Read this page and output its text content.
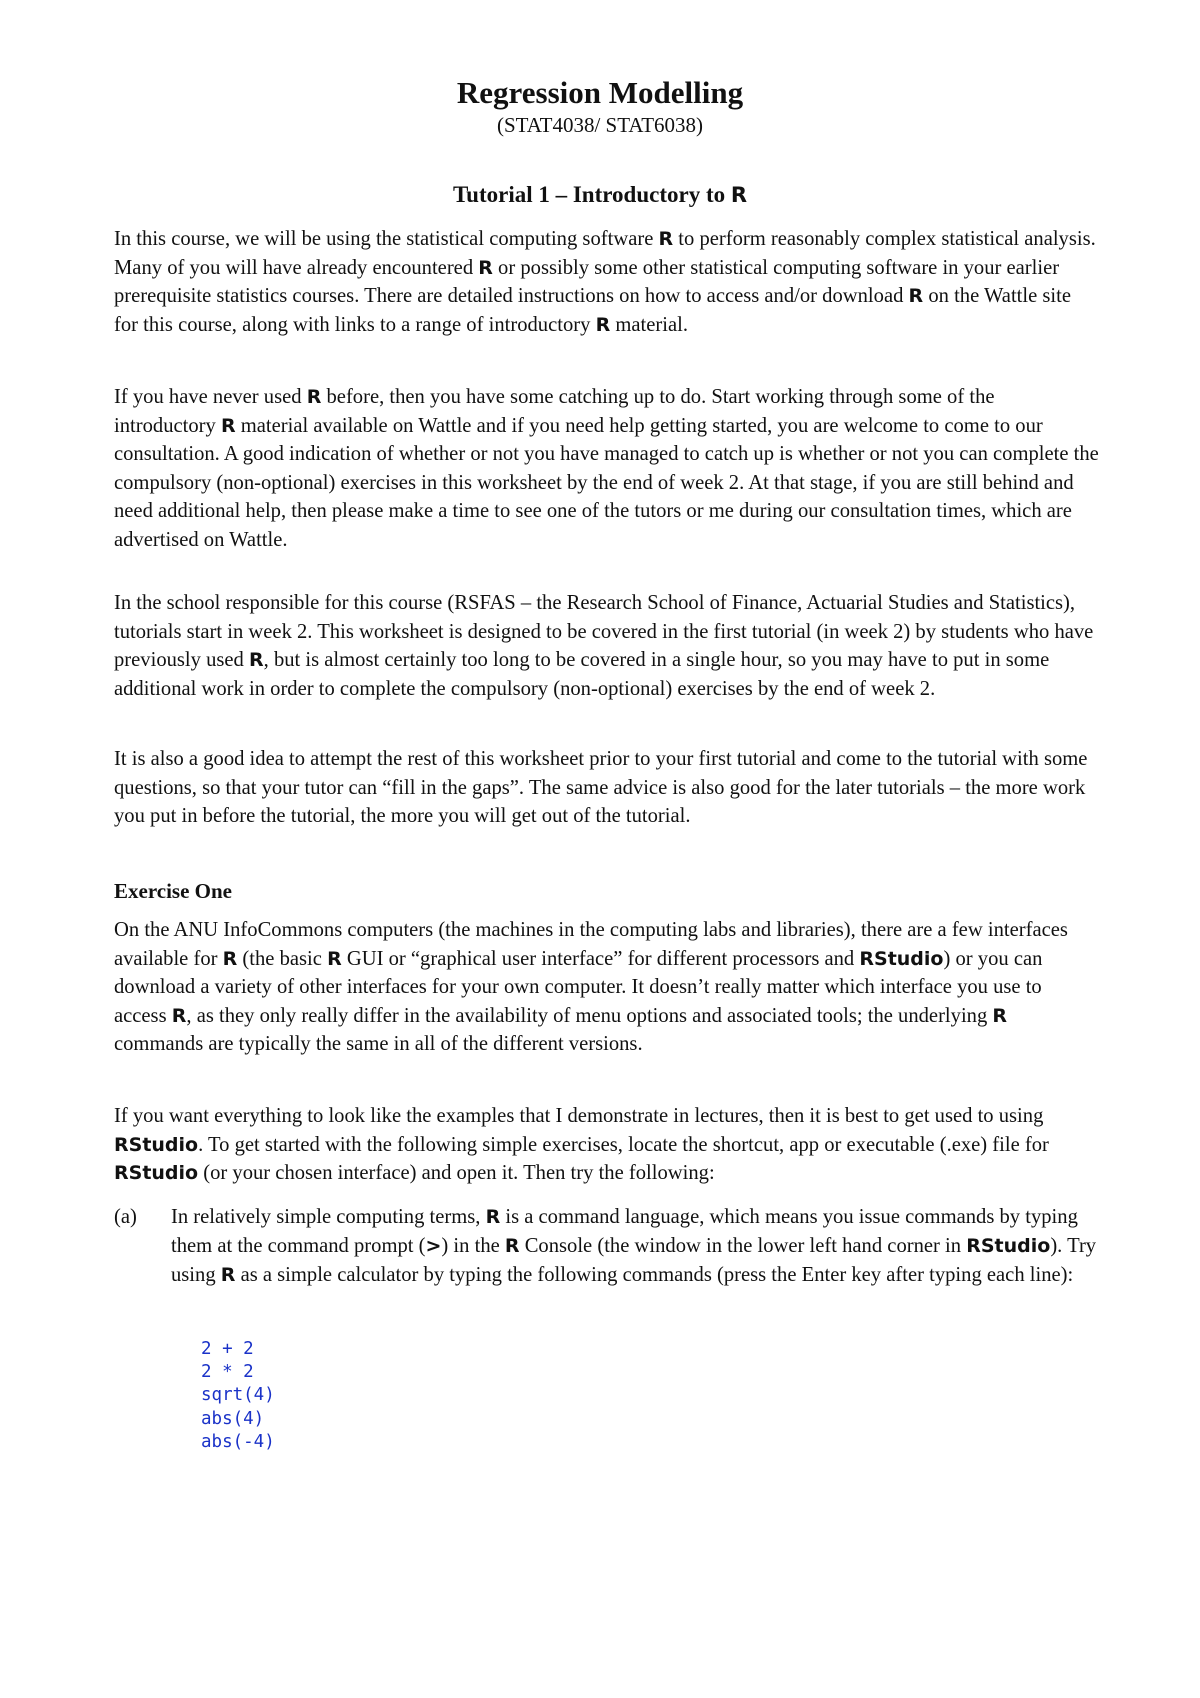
Regression Modelling
(STAT4038/ STAT6038)
Tutorial 1 – Introductory to R

In this course, we will be using the statistical computing software R to perform reasonably complex statistical analysis. Many of you will have already encountered R or possibly some other statistical computing software in your earlier prerequisite statistics courses. There are detailed instructions on how to access and/or download R on the Wattle site for this course, along with links to a range of introductory R material.

If you have never used R before, then you have some catching up to do. Start working through some of the introductory R material available on Wattle and if you need help getting started, you are welcome to come to our consultation. A good indication of whether or not you have managed to catch up is whether or not you can complete the compulsory (non-optional) exercises in this worksheet by the end of week 2. At that stage, if you are still behind and need additional help, then please make a time to see one of the tutors or me during our consultation times, which are advertised on Wattle.

In the school responsible for this course (RSFAS – the Research School of Finance, Actuarial Studies and Statistics), tutorials start in week 2. This worksheet is designed to be covered in the first tutorial (in week 2) by students who have previously used R, but is almost certainly too long to be covered in a single hour, so you may have to put in some additional work in order to complete the compulsory (non-optional) exercises by the end of week 2.

It is also a good idea to attempt the rest of this worksheet prior to your first tutorial and come to the tutorial with some questions, so that your tutor can “fill in the gaps”. The same advice is also good for the later tutorials – the more work you put in before the tutorial, the more you will get out of the tutorial.

Exercise One

On the ANU InfoCommons computers (the machines in the computing labs and libraries), there are a few interfaces available for R (the basic R GUI or “graphical user interface” for different processors and RStudio) or you can download a variety of other interfaces for your own computer. It doesn’t really matter which interface you use to access R, as they only really differ in the availability of menu options and associated tools; the underlying R commands are typically the same in all of the different versions.

If you want everything to look like the examples that I demonstrate in lectures, then it is best to get used to using RStudio. To get started with the following simple exercises, locate the shortcut, app or executable (.exe) file for RStudio (or your chosen interface) and open it. Then try the following:

(a) In relatively simple computing terms, R is a command language, which means you issue commands by typing them at the command prompt (>) in the R Console (the window in the lower left hand corner in RStudio). Try using R as a simple calculator by typing the following commands (press the Enter key after typing each line):
2 + 2
2 * 2
sqrt(4)
abs(4)
abs(-4)
